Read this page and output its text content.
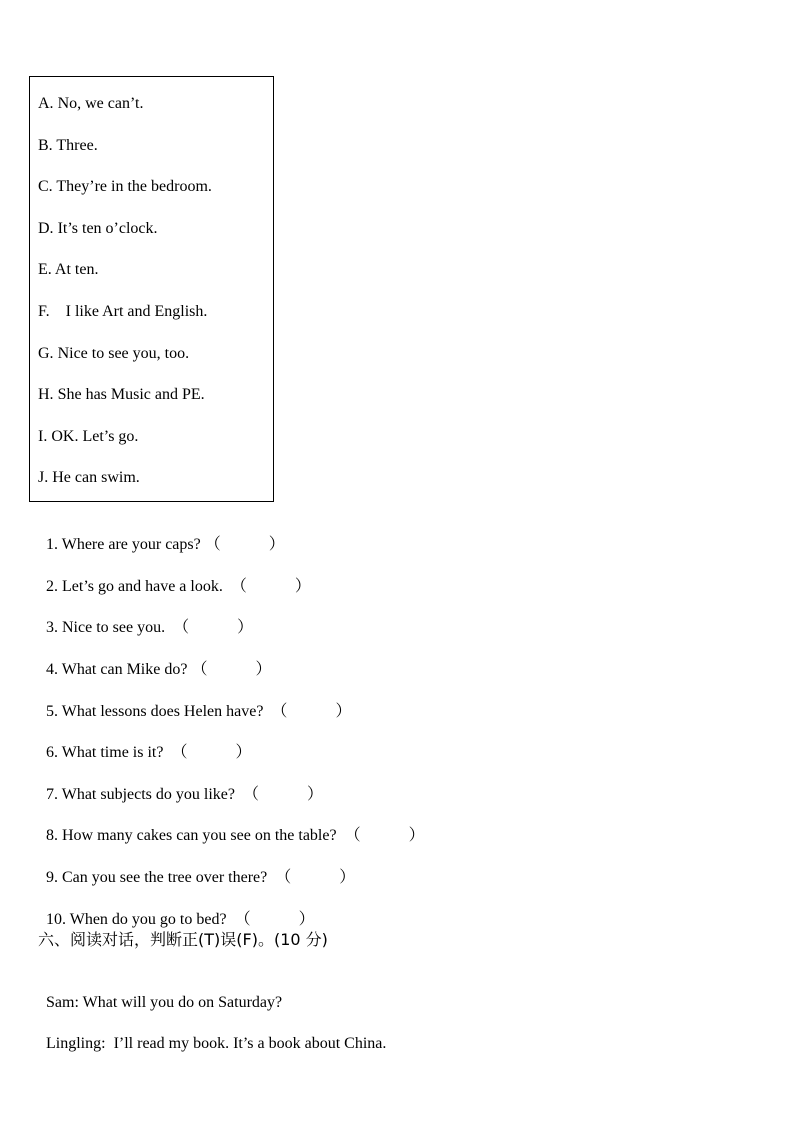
A. No, we can’t.
B. Three.
C. They’re in the bedroom.
D. It’s ten o’clock.
E. At ten.
F. I like Art and English.
G. Nice to see you, too.
H. She has Music and PE.
I. OK. Let’s go.
J. He can swim.

1. Where are your caps? （	）

2. Let’s go and have a look. （	）

3. Nice to see you. （	）

4. What can Mike do? （	）

5. What lessons does Helen have? （	）

6. What time is it? （	）

7. What subjects do you like? （	）

8. How many cakes can you see on the table? （	）

9. Can you see the tree over there? （	）

10. When do you go to bed? （	）

六、阅读对话，判断正(T)误(F)。(10 分)

Sam: What will you do on Saturday?

Lingling: I’ll read my book. It’s a book about China.
